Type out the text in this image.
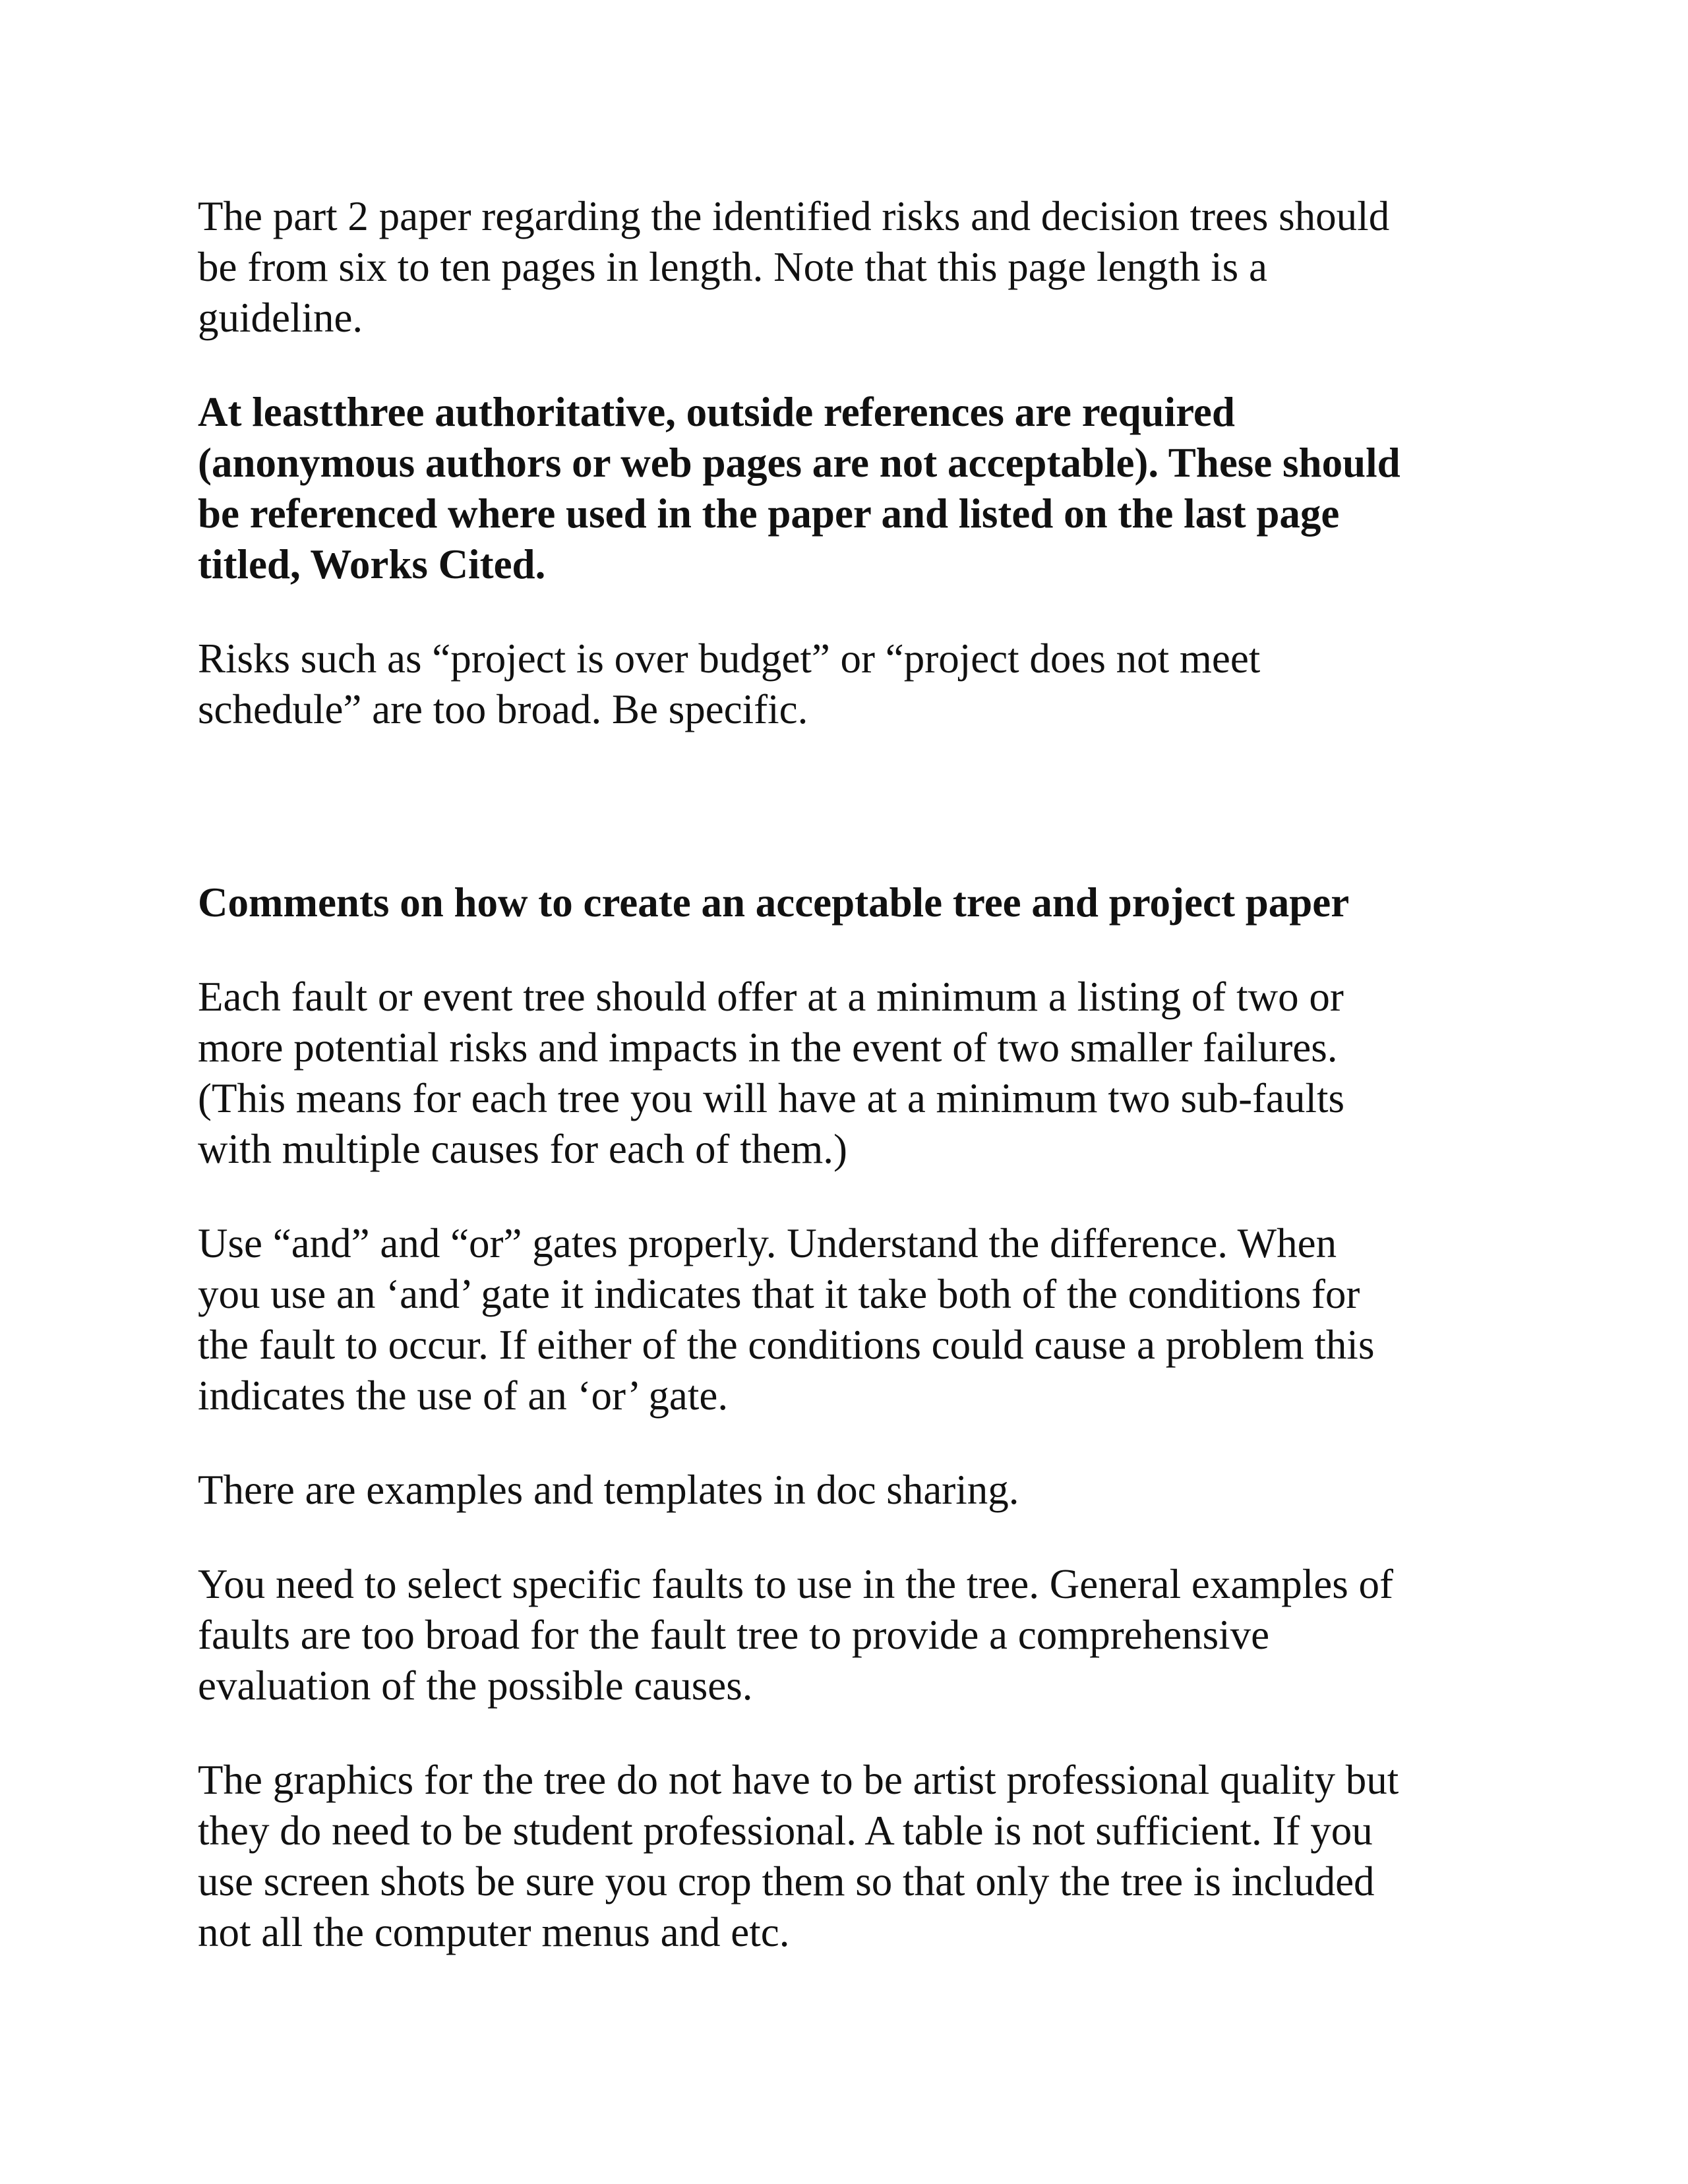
The part 2 paper regarding the identified risks and decision trees should
be from six to ten pages in length. Note that this page length is a
guideline.

At leastthree authoritative, outside references are required
(anonymous authors or web pages are not acceptable). These should
be referenced where used in the paper and listed on the last page
titled, Works Cited.

Risks such as “project is over budget” or “project does not meet
schedule” are too broad. Be specific.

Comments on how to create an acceptable tree and project paper

Each fault or event tree should offer at a minimum a listing of two or
more potential risks and impacts in the event of two smaller failures.
(This means for each tree you will have at a minimum two sub-faults
with multiple causes for each of them.)

Use “and” and “or” gates properly. Understand the difference. When
you use an ‘and’ gate it indicates that it take both of the conditions for
the fault to occur. If either of the conditions could cause a problem this
indicates the use of an ‘or’ gate.

There are examples and templates in doc sharing.

You need to select specific faults to use in the tree. General examples of
faults are too broad for the fault tree to provide a comprehensive
evaluation of the possible causes.

The graphics for the tree do not have to be artist professional quality but
they do need to be student professional. A table is not sufficient. If you
use screen shots be sure you crop them so that only the tree is included
not all the computer menus and etc.
